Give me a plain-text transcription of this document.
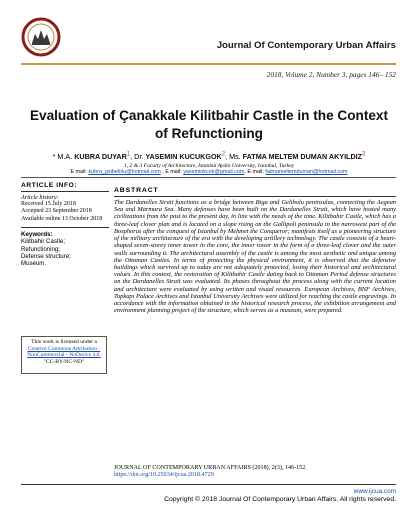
Journal Of Contemporary Urban Affairs
2018, Volume 2, Number 3, pages 146– 152
Evaluation of Çanakkale Kilitbahir Castle in the Context of Refunctioning
* M.A. KUBRA DUYAR$^1$, Dr. YASEMIN KUCUKGOK$^2$, Ms. FATMA MELTEM DUMAN AKYILDIZ$^3$
1, 2 & 3 Faculty of Architecture, Istanbul Aydin University, Istanbul, Turkey
E mail: kubra_gsibelolu@hotmail.com , E mail: yaseminkcok@gmail.com, E mail: fatmameltemduman@hotmail.com
ARTICLE INFO:
Article history:
Received 15 July 2018
Accepted 23 September 2018
Available online 13 October 2018
Keywords:
Kilitbahir Castle;
Refunctioning;
Defense structure;
Museum.
This work is licensed under a Creative Commons Attribution - NonCommercial - NoDerivs 4.0.
"CC-BY-NC-ND"
ABSTRACT
The Dardanelles Strait functions as a bridge between Biga and Gelibolu peninsulas, connecting the Aegean Sea and Marmara Sea. Many defenses have been built on the Dardanelles Strait, which have hosted many civilizations from the past to the present day, in line with the needs of the time. Kilitbahir Castle, which has a three-leaf clover plan and is located on a slope rising on the Gallipoli peninsula in the narrowest part of the Bosphorus after the conquest of Istanbul by Mehmet the Conqueror; manifests itself as a pioneering structure of the military architecture of the era with the developing artillery technology. The castle consists of a heart-shaped seven-storey inner tower in the core, the inner tower in the form of a three-leaf clover and the outer walls surrounding it. The architectural assembly of the castle is among the most aesthetic and unique among the Ottoman Castles. In terms of protecting the physical environment, it is observed that the defensive buildings which survived up to today are not adequately protected, losing their historical and architectural values. In this context, the restoration of Kilitbahir Castle dating back to Ottoman Period defense structures on the Dardanelles Strait was evaluated. Its phases throughout the process along with the current location and architecture were evaluated by using written and visual resources. European Archives, BNF Archives, Topkapı Palace Archives and Istanbul University Archives were utilized for reaching the castle engravings. In accordance with the information obtained in the historical research process, the exhibition arrangement and environment planning project of the structure, which serves as a museum, were prepared.
JOURNAL OF CONTEMPORARY URBAN AFFAIRS (2018), 2(3), 146-152.
https://doi.org/10.25034/ijcua.2018.4729
www.ijcua.com
Copyright © 2018 Journal Of Contemporary Urban Affairs. All rights reserved.
